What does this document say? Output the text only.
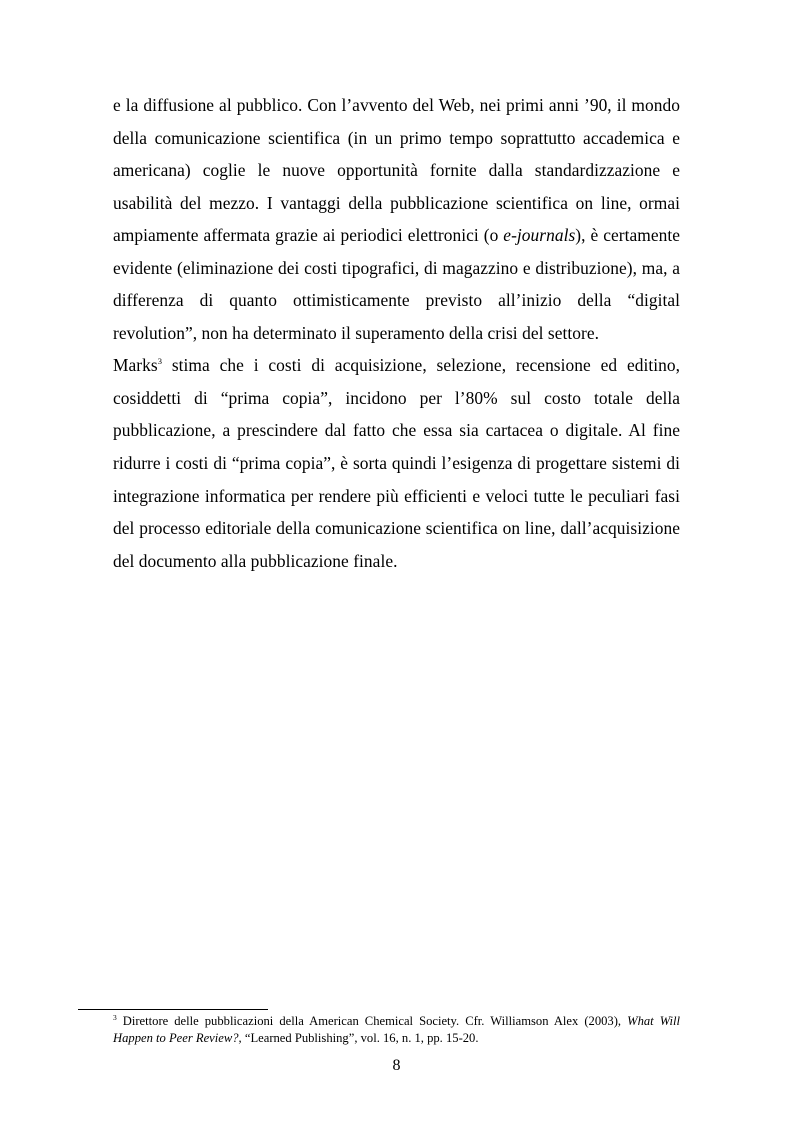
e la diffusione al pubblico. Con l’avvento del Web, nei primi anni ’90, il mondo della comunicazione scientifica (in un primo tempo soprattutto accademica e americana) coglie le nuove opportunità fornite dalla standardizzazione e usabilità del mezzo. I vantaggi della pubblicazione scientifica on line, ormai ampiamente affermata grazie ai periodici elettronici (o e-journals), è certamente evidente (eliminazione dei costi tipografici, di magazzino e distribuzione), ma, a differenza di quanto ottimisticamente previsto all’inizio della “digital revolution”, non ha determinato il superamento della crisi del settore.

Marks$^3$ stima che i costi di acquisizione, selezione, recensione ed editino, cosiddetti di “prima copia”, incidono per l’80% sul costo totale della pubblicazione, a prescindere dal fatto che essa sia cartacea o digitale. Al fine ridurre i costi di “prima copia”, è sorta quindi l’esigenza di progettare sistemi di integrazione informatica per rendere più efficienti e veloci tutte le peculiari fasi del processo editoriale della comunicazione scientifica on line, dall’acquisizione del documento alla pubblicazione finale.

$^3$ Direttore delle pubblicazioni della American Chemical Society. Cfr. Williamson Alex (2003), What Will Happen to Peer Review?, “Learned Publishing”, vol. 16, n. 1, pp. 15-20.
8
